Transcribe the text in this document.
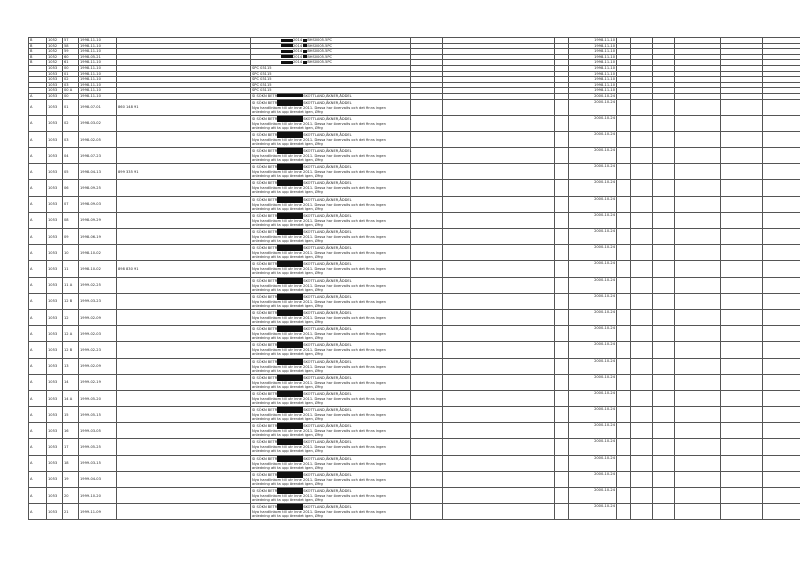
B	1052	57	1998-11-10		2014 BHS0005.5PC				1998-11-10						
B	1052	58	1998-11-10		2014 BHS0005.5PC				1998-11-10						
B	1052	59	1998-11-10		2014 BHS0005.5PC				1998-11-10						
B	1052	60	1998-05-21		2014 BHS0005.5PC				1998-11-10						
B	1052	61	1998-11-10		2014 BHS0005.5PC				1998-11-10						
	1053	00	1998-11-10		SPC 03115				1998-11-10						
	1053	01	1998-11-10		SPC 03115				1998-11-10						
	1053	02	1998-11-10		SPC 03115				1998-11-10						
	1053	03	1998-11-10		SPC 03115				1998-11-10						
	1053	00 A	1998-11-10		SPC 03115				1998-11-10						
A	1053	00	1998-11-10		SI SÖKN BETR SKOTTLAND,ÅKNER,ÅDDEL				2000-10-24						
A	1053	01	1998-07-01	860 148 91	SI SÖKN BETR SKOTTLAND,ÅKNER,ÅDDEL
Nya handlinkom till utr inne 2011. Dessa har övervaits och det finns ingen
anledning att ta upp ärendet igen, Øfrg				2000-10-24						
A	1053	02	1998-03-02		SI SÖKN BETR SKOTTLAND,ÅKNER,ÅDDEL
Nya handlinkom till utr inne 2011. Dessa har övervaits och det finns ingen
anledning att ta upp ärendet igen, Øfrg				2000-10-24						
A	1053	03	1998-02-05		SI SÖKN BETR SKOTTLAND,ÅKNER,ÅDDEL
Nya handlinkom till utr inne 2011. Dessa har övervaits och det finns ingen
anledning att ta upp ärendet igen, Øfrg				2000-10-24						
A	1053	04	1998-07-23		SI SÖKN BETR SKOTTLAND,ÅKNER,ÅDDEL
Nya handlinkom till utr inne 2011. Dessa har övervaits och det finns ingen
anledning att ta upp ärendet igen, Øfrg				2000-10-24						
A	1053	05	1998-04-13	899 335 91	SI SÖKN BETR SKOTTLAND,ÅKNER,ÅDDEL
Nya handlinkom till utr inne 2011. Dessa har övervaits och det finns ingen
anledning att ta upp ärendet igen, Øfrg				2000-10-24						
A	1053	06	1998-09-25		SI SÖKN BETR SKOTTLAND,ÅKNER,ÅDDEL
Nya handlinkom till utr inne 2011. Dessa har övervaits och det finns ingen
anledning att ta upp ärendet igen, Øfrg				2000-10-24						
A	1053	07	1998-09-03		SI SÖKN BETR SKOTTLAND,ÅKNER,ÅDDEL
Nya handlinkom till utr inne 2011. Dessa har övervaits och det finns ingen
anledning att ta upp ärendet igen, Øfrg				2000-10-24						
A	1053	08	1998-09-29		SI SÖKN BETR SKOTTLAND,ÅKNER,ÅDDEL
Nya handlinkom till utr inne 2011. Dessa har övervaits och det finns ingen
anledning att ta upp ärendet igen, Øfrg				2000-10-24						
A	1053	09	1998-06-19		SI SÖKN BETR SKOTTLAND,ÅKNER,ÅDDEL
Nya handlinkom till utr inne 2011. Dessa har övervaits och det finns ingen
anledning att ta upp ärendet igen, Øfrg				2000-10-24						
A	1053	10	1998-10-02		SI SÖKN BETR SKOTTLAND,ÅKNER,ÅDDEL
Nya handlinkom till utr inne 2011. Dessa har övervaits och det finns ingen
anledning att ta upp ärendet igen, Øfrg				2000-10-24						
A	1053	11	1998-10-02	898 830 91	SI SÖKN BETR SKOTTLAND,ÅKNER,ÅDDEL
Nya handlinkom till utr inne 2011. Dessa har övervaits och det finns ingen
anledning att ta upp ärendet igen, Øfrg				2000-10-24						
A	1053	11 A	1999-02-25		SI SÖKN BETR SKOTTLAND,ÅKNER,ÅDDEL
Nya handlinkom till utr inne 2011. Dessa har övervaits och det finns ingen
anledning att ta upp ärendet igen, Øfrg				2000-10-24						
A	1053	12 B	1999-03-23		SI SÖKN BETR SKOTTLAND,ÅKNER,ÅDDEL
Nya handlinkom till utr inne 2011. Dessa har övervaits och det finns ingen
anledning att ta upp ärendet igen, Øfrg				2000-10-24						
A	1053	12	1999-02-09		SI SÖKN BETR SKOTTLAND,ÅKNER,ÅDDEL
Nya handlinkom till utr inne 2011. Dessa har övervaits och det finns ingen
anledning att ta upp ärendet igen, Øfrg				2000-10-24						
A	1053	12 A	1999-02-03		SI SÖKN BETR SKOTTLAND,ÅKNER,ÅDDEL
Nya handlinkom till utr inne 2011. Dessa har övervaits och det finns ingen
anledning att ta upp ärendet igen, Øfrg				2000-10-24						
A	1053	12 B	1999-02-23		SI SÖKN BETR SKOTTLAND,ÅKNER,ÅDDEL
Nya handlinkom till utr inne 2011. Dessa har övervaits och det finns ingen
anledning att ta upp ärendet igen, Øfrg				2000-10-24						
A	1053	13	1999-02-09		SI SÖKN BETR SKOTTLAND,ÅKNER,ÅDDEL
Nya handlinkom till utr inne 2011. Dessa har övervaits och det finns ingen
anledning att ta upp ärendet igen, Øfrg				2000-10-24						
A	1053	14	1999-02-19		SI SÖKN BETR SKOTTLAND,ÅKNER,ÅDDEL
Nya handlinkom till utr inne 2011. Dessa har övervaits och det finns ingen
anledning att ta upp ärendet igen, Øfrg				2000-10-24						
A	1053	14 A	1999-05-20		SI SÖKN BETR SKOTTLAND,ÅKNER,ÅDDEL
Nya handlinkom till utr inne 2011. Dessa har övervaits och det finns ingen
anledning att ta upp ärendet igen, Øfrg				2000-10-24						
A	1053	15	1999-05-15		SI SÖKN BETR SKOTTLAND,ÅKNER,ÅDDEL
Nya handlinkom till utr inne 2011. Dessa har övervaits och det finns ingen
anledning att ta upp ärendet igen, Øfrg				2000-10-24						
A	1053	16	1999-03-05		SI SÖKN BETR SKOTTLAND,ÅKNER,ÅDDEL
Nya handlinkom till utr inne 2011. Dessa har övervaits och det finns ingen
anledning att ta upp ärendet igen, Øfrg				2000-10-24						
A	1053	17	1999-05-25		SI SÖKN BETR SKOTTLAND,ÅKNER,ÅDDEL
Nya handlinkom till utr inne 2011. Dessa har övervaits och det finns ingen
anledning att ta upp ärendet igen, Øfrg				2000-10-24						
A	1053	18	1999-03-15		SI SÖKN BETR SKOTTLAND,ÅKNER,ÅDDEL
Nya handlinkom till utr inne 2011. Dessa har övervaits och det finns ingen
anledning att ta upp ärendet igen, Øfrg				2000-10-24						
A	1053	19	1999-04-03		SI SÖKN BETR SKOTTLAND,ÅKNER,ÅDDEL
Nya handlinkom till utr inne 2011. Dessa har övervaits och det finns ingen
anledning att ta upp ärendet igen, Øfrg				2000-10-24						
A	1053	20	1999-10-20		SI SÖKN BETR SKOTTLAND,ÅKNER,ÅDDEL
Nya handlinkom till utr inne 2011. Dessa har övervaits och det finns ingen
anledning att ta upp ärendet igen, Øfrg				2000-10-24						
A	1053	21	1999-11-09		SI SÖKN BETR SKOTTLAND,ÅKNER,ÅDDEL
Nya handlinkom till utr inne 2011. Dessa har övervaits och det finns ingen
anledning att ta upp ärendet igen, Øfrg				2000-10-24						
